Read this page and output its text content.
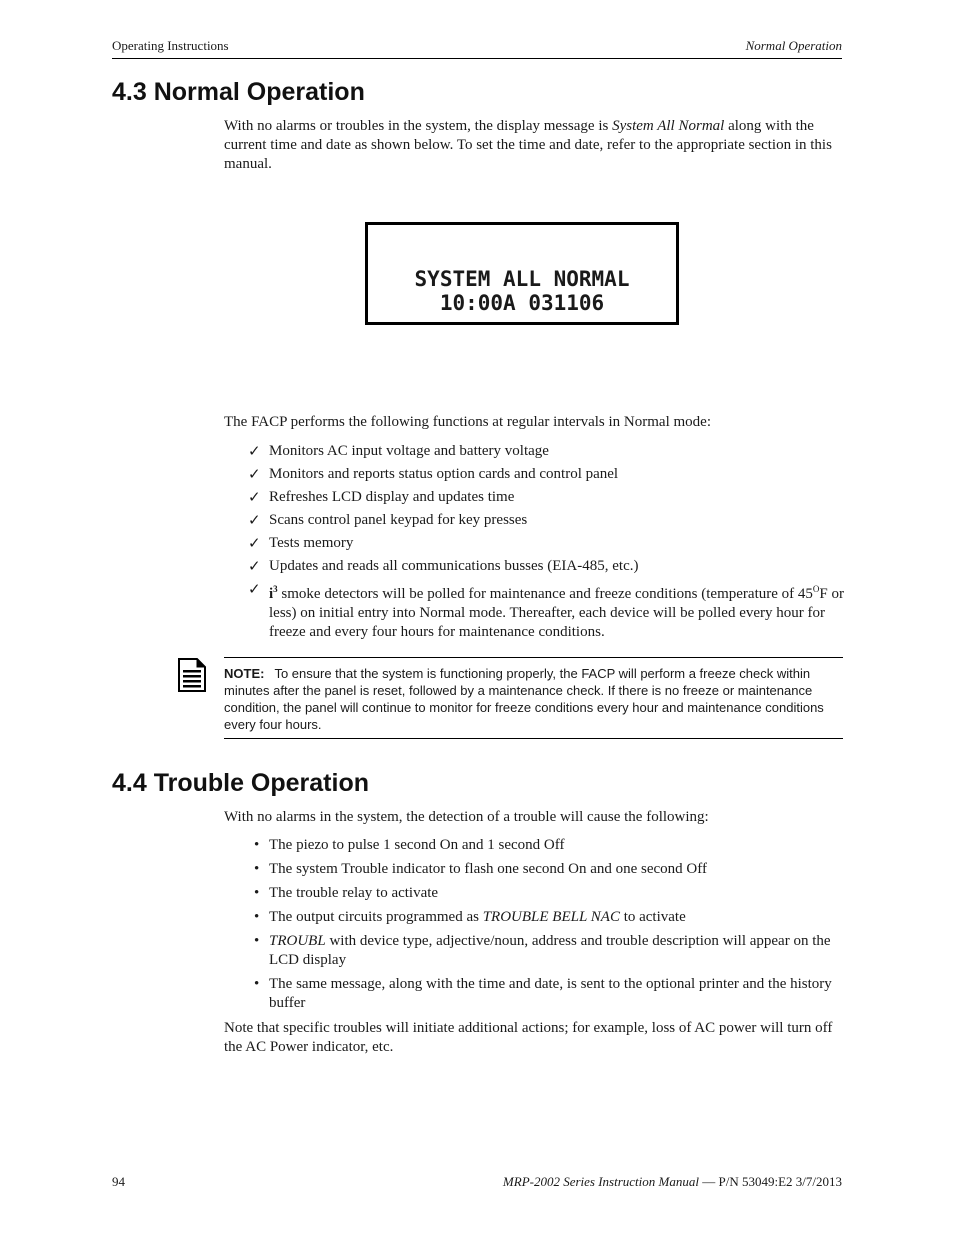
Operating Instructions	Normal Operation
4.3 Normal Operation

With no alarms or troubles in the system, the display message is System All Normal along with the current time and date as shown below. To set the time and date, refer to the appropriate section in this manual.

SYSTEM ALL NORMAL
10:00A 031106

The FACP performs the following functions at regular intervals in Normal mode:

✓ Monitors AC input voltage and battery voltage
✓ Monitors and reports status option cards and control panel
✓ Refreshes LCD display and updates time
✓ Scans control panel keypad for key presses
✓ Tests memory
✓ Updates and reads all communications busses (EIA-485, etc.)
✓ $i^3$ smoke detectors will be polled for maintenance and freeze conditions (temperature of $45^OF$ or less) on initial entry into Normal mode. Thereafter, each device will be polled every hour for freeze and every four hours for maintenance conditions.
NOTE: To ensure that the system is functioning properly, the FACP will perform a freeze check within minutes after the panel is reset, followed by a maintenance check. If there is no freeze or maintenance condition, the panel will continue to monitor for freeze conditions every hour and maintenance conditions every four hours.
4.4 Trouble Operation

With no alarms in the system, the detection of a trouble will cause the following:

• The piezo to pulse 1 second On and 1 second Off
• The system Trouble indicator to flash one second On and one second Off
• The trouble relay to activate
• The output circuits programmed as TROUBLE BELL NAC to activate
• TROUBL with device type, adjective/noun, address and trouble description will appear on the LCD display
• The same message, along with the time and date, is sent to the optional printer and the history buffer

Note that specific troubles will initiate additional actions; for example, loss of AC power will turn off the AC Power indicator, etc.

94	MRP-2002 Series Instruction Manual — P/N 53049:E2 3/7/2013
